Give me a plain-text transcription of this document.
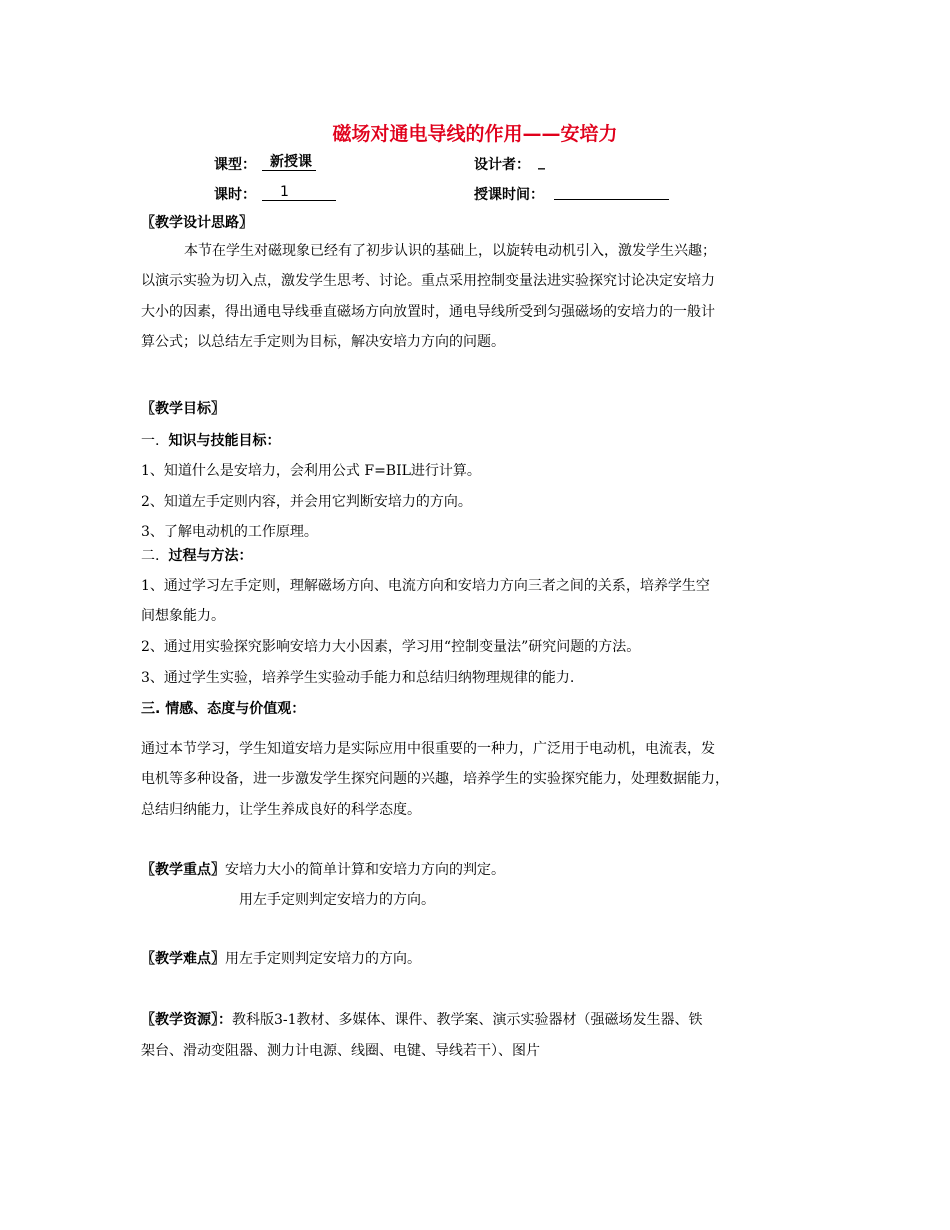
磁场对通电导线的作用——安培力
课型：	新授课	设计者： _
课时：	1	授课时间：
〖教学设计思路〗
本节在学生对磁现象已经有了初步认识的基础上，以旋转电动机引入，激发学生兴趣；
以演示实验为切入点，激发学生思考、讨论。重点采用控制变量法进实验探究讨论决定安培力
大小的因素，得出通电导线垂直磁场方向放置时，通电导线所受到匀强磁场的安培力的一般计
算公式；以总结左手定则为目标，解决安培力方向的问题。
〖教学目标〗
一. 知识与技能目标：
1、知道什么是安培力，会利用公式 F=BIL进行计算。
2、知道左手定则内容，并会用它判断安培力的方向。
3、了解电动机的工作原理。
二. 过程与方法：
1、通过学习左手定则，理解磁场方向、电流方向和安培力方向三者之间的关系，培养学生空
间想象能力。
2、通过用实验探究影响安培力大小因素，学习用“控制变量法”研究问题的方法。
3、通过学生实验，培养学生实验动手能力和总结归纳物理规律的能力.
三. 情感、态度与价值观：
通过本节学习，学生知道安培力是实际应用中很重要的一种力，广泛用于电动机，电流表，发
电机等多种设备，进一步激发学生探究问题的兴趣，培养学生的实验探究能力，处理数据能力，
总结归纳能力，让学生养成良好的科学态度。
〖教学重点〗安培力大小的简单计算和安培力方向的判定。
用左手定则判定安培力的方向。
〖教学难点〗用左手定则判定安培力的方向。
〖教学资源〗：教科版3-1教材、多媒体、课件、教学案、演示实验器材（强磁场发生器、铁
架台、滑动变阻器、测力计电源、线圈、电键、导线若干）、图片
